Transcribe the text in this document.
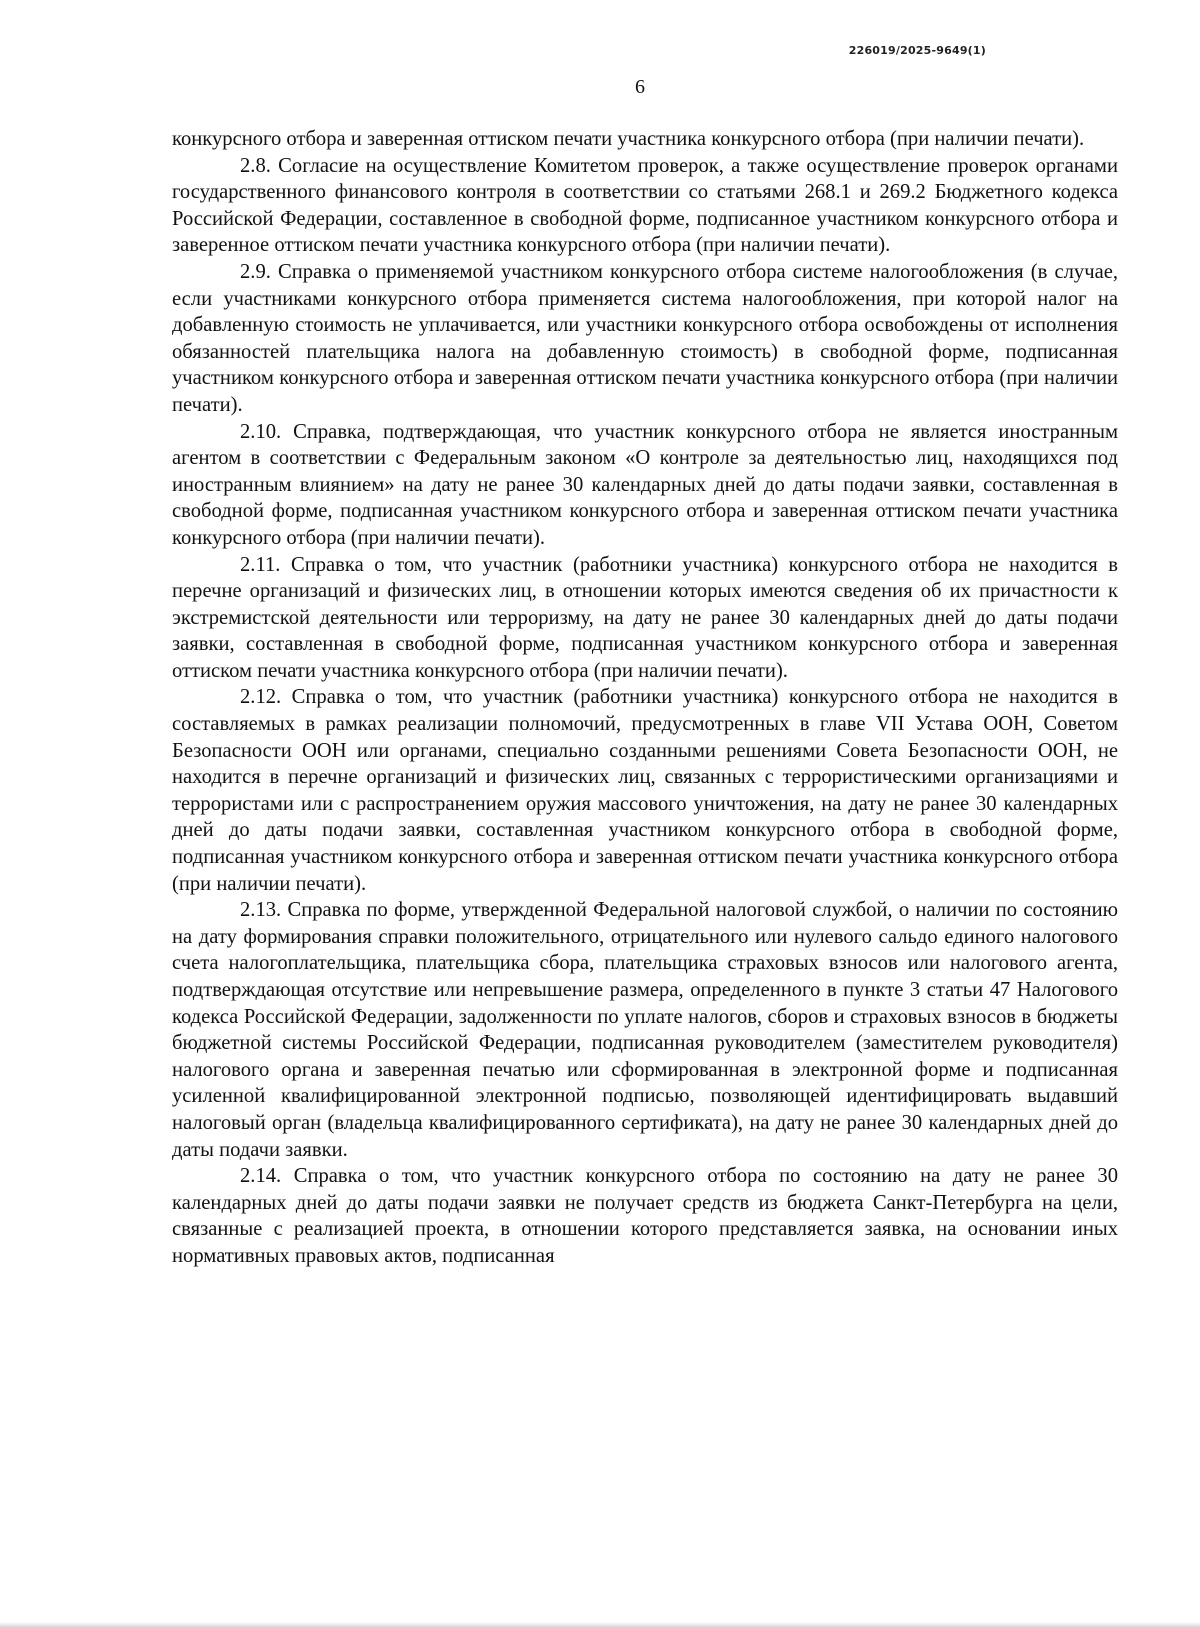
226019/2025-9649(1)
6

конкурсного отбора и заверенная оттиском печати участника конкурсного отбора (при наличии печати).

2.8. Согласие на осуществление Комитетом проверок, а также осуществление проверок органами государственного финансового контроля в соответствии со статьями 268.1 и 269.2 Бюджетного кодекса Российской Федерации, составленное в свободной форме, подписанное участником конкурсного отбора и заверенное оттиском печати участника конкурсного отбора (при наличии печати).

2.9. Справка о применяемой участником конкурсного отбора системе налогообложения (в случае, если участниками конкурсного отбора применяется система налогообложения, при которой налог на добавленную стоимость не уплачивается, или участники конкурсного отбора освобождены от исполнения обязанностей плательщика налога на добавленную стоимость) в свободной форме, подписанная участником конкурсного отбора и заверенная оттиском печати участника конкурсного отбора (при наличии печати).

2.10. Справка, подтверждающая, что участник конкурсного отбора не является иностранным агентом в соответствии с Федеральным законом «О контроле за деятельностью лиц, находящихся под иностранным влиянием» на дату не ранее 30 календарных дней до даты подачи заявки, составленная в свободной форме, подписанная участником конкурсного отбора и заверенная оттиском печати участника конкурсного отбора (при наличии печати).

2.11. Справка о том, что участник (работники участника) конкурсного отбора не находится в перечне организаций и физических лиц, в отношении которых имеются сведения об их причастности к экстремистской деятельности или терроризму, на дату не ранее 30 календарных дней до даты подачи заявки, составленная в свободной форме, подписанная участником конкурсного отбора и заверенная оттиском печати участника конкурсного отбора (при наличии печати).

2.12. Справка о том, что участник (работники участника) конкурсного отбора не находится в составляемых в рамках реализации полномочий, предусмотренных в главе VII Устава ООН, Советом Безопасности ООН или органами, специально созданными решениями Совета Безопасности ООН, не находится в перечне организаций и физических лиц, связанных с террористическими организациями и террористами или с распространением оружия массового уничтожения, на дату не ранее 30 календарных дней до даты подачи заявки, составленная участником конкурсного отбора в свободной форме, подписанная участником конкурсного отбора и заверенная оттиском печати участника конкурсного отбора (при наличии печати).

2.13. Справка по форме, утвержденной Федеральной налоговой службой, о наличии по состоянию на дату формирования справки положительного, отрицательного или нулевого сальдо единого налогового счета налогоплательщика, плательщика сбора, плательщика страховых взносов или налогового агента, подтверждающая отсутствие или непревышение размера, определенного в пункте 3 статьи 47 Налогового кодекса Российской Федерации, задолженности по уплате налогов, сборов и страховых взносов в бюджеты бюджетной системы Российской Федерации, подписанная руководителем (заместителем руководителя) налогового органа и заверенная печатью или сформированная в электронной форме и подписанная усиленной квалифицированной электронной подписью, позволяющей идентифицировать выдавший налоговый орган (владельца квалифицированного сертификата), на дату не ранее 30 календарных дней до даты подачи заявки.

2.14. Справка о том, что участник конкурсного отбора по состоянию на дату не ранее 30 календарных дней до даты подачи заявки не получает средств из бюджета Санкт-Петербурга на цели, связанные с реализацией проекта, в отношении которого представляется заявка, на основании иных нормативных правовых актов, подписанная
